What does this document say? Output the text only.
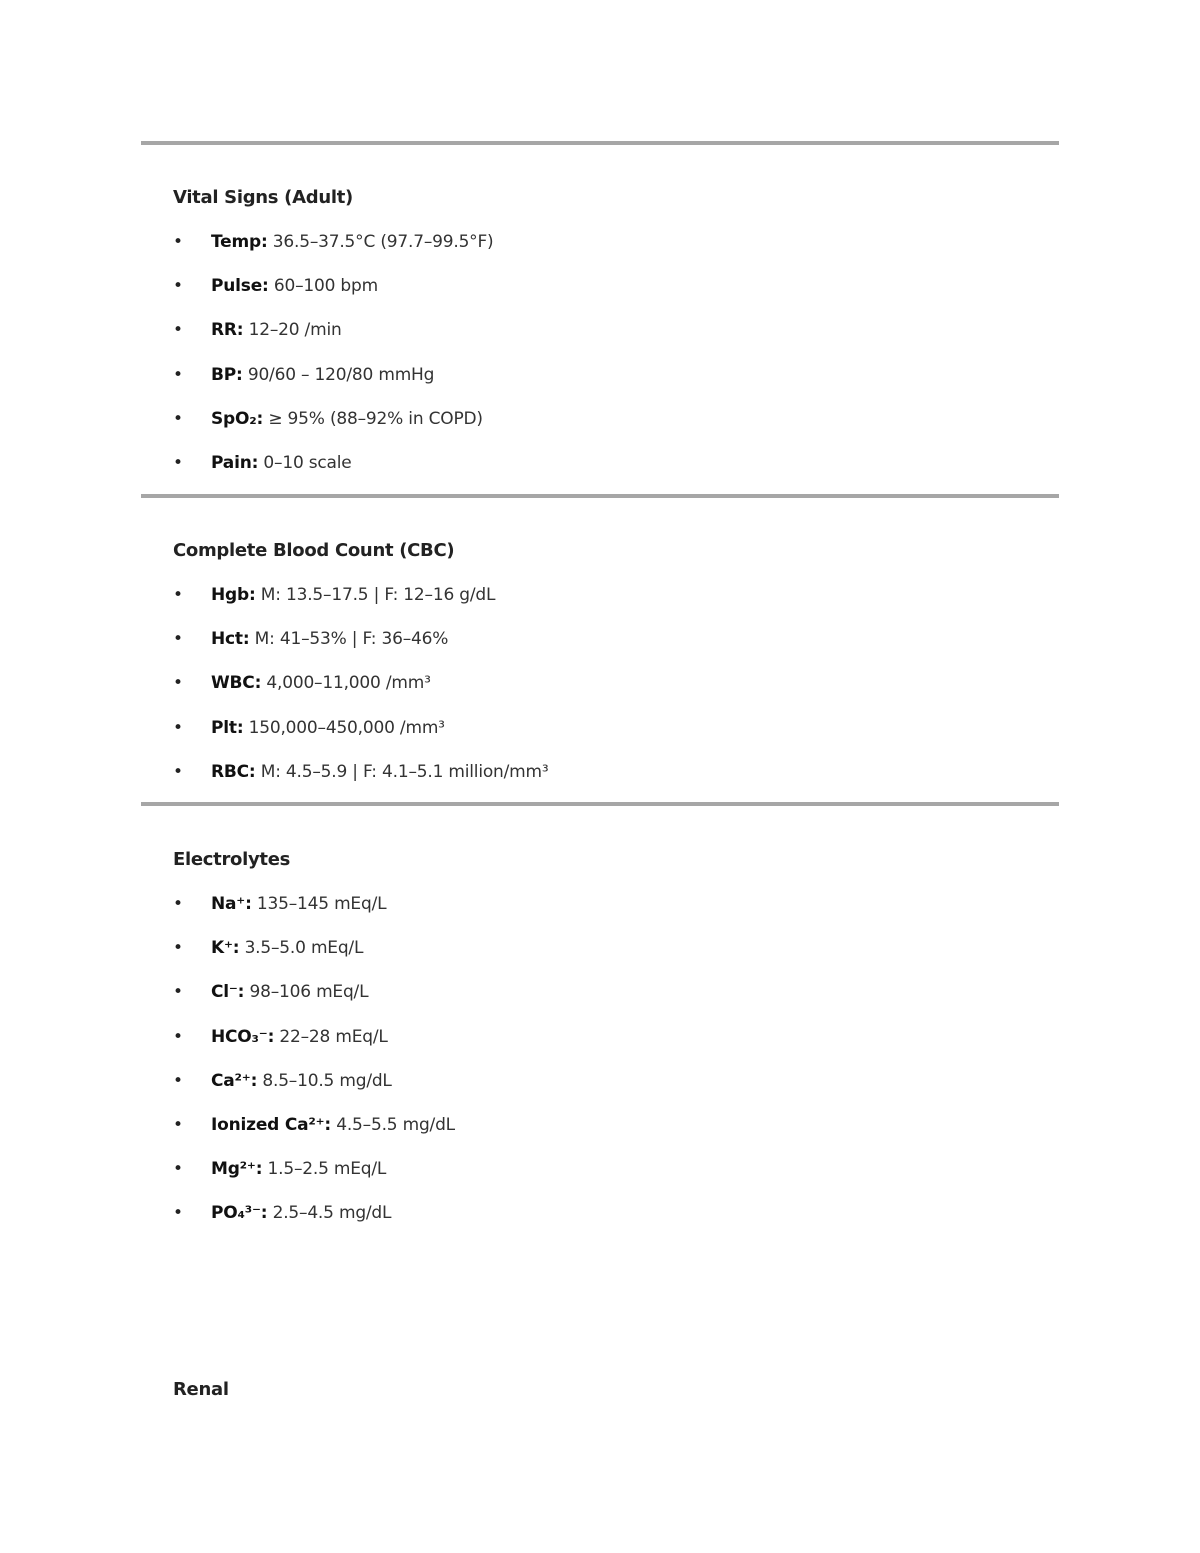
Vital Signs (Adult)
• Temp: 36.5–37.5°C (97.7–99.5°F)
• Pulse: 60–100 bpm
• RR: 12–20 /min
• BP: 90/60 – 120/80 mmHg
• SpO₂: ≥ 95% (88–92% in COPD)
• Pain: 0–10 scale
Complete Blood Count (CBC)
• Hgb: M: 13.5–17.5 | F: 12–16 g/dL
• Hct: M: 41–53% | F: 36–46%
• WBC: 4,000–11,000 /mm³
• Plt: 150,000–450,000 /mm³
• RBC: M: 4.5–5.9 | F: 4.1–5.1 million/mm³
Electrolytes
• Na⁺: 135–145 mEq/L
• K⁺: 3.5–5.0 mEq/L
• Cl⁻: 98–106 mEq/L
• HCO₃⁻: 22–28 mEq/L
• Ca²⁺: 8.5–10.5 mg/dL
• Ionized Ca²⁺: 4.5–5.5 mg/dL
• Mg²⁺: 1.5–2.5 mEq/L
• PO₄³⁻: 2.5–4.5 mg/dL
Renal
